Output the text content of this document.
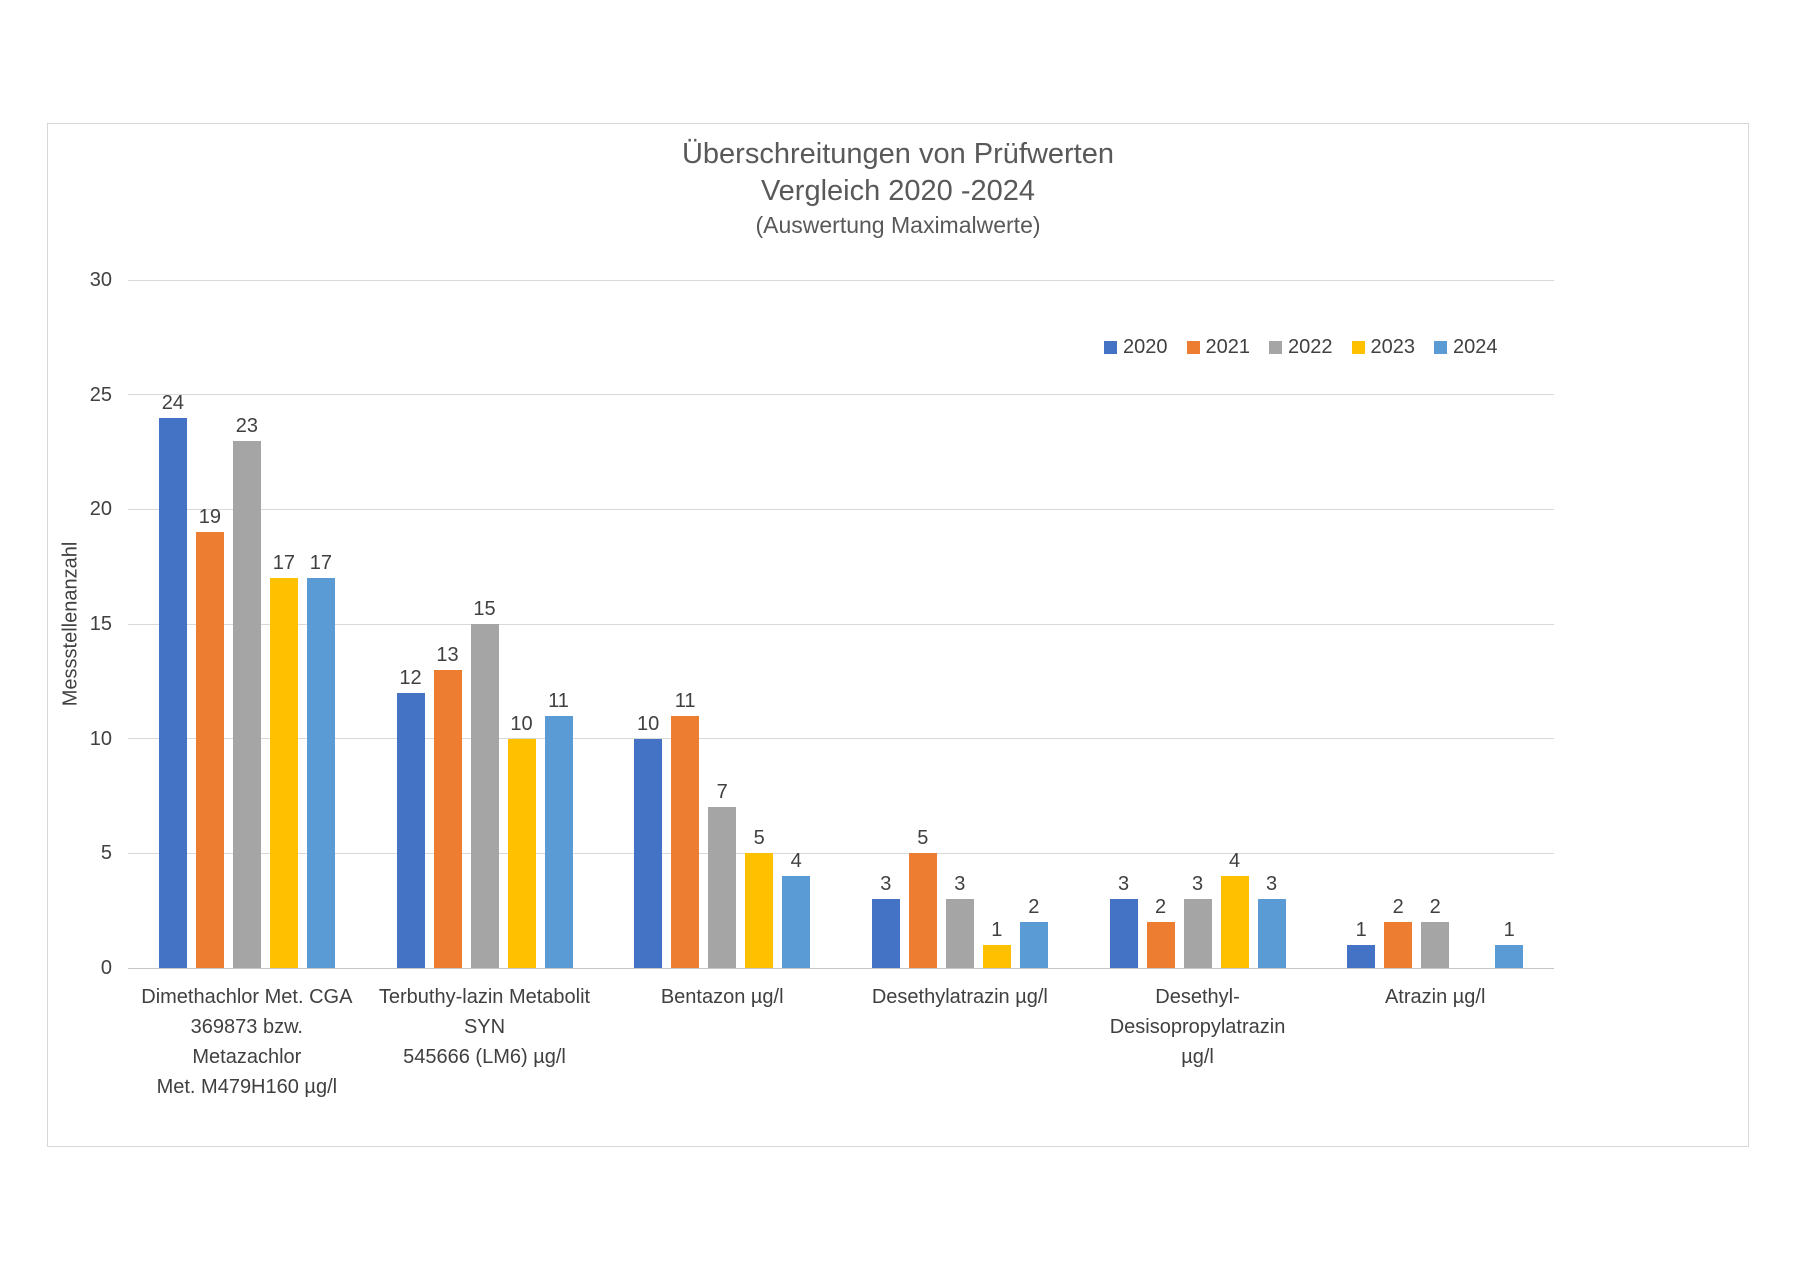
Überschreitungen von Prüfwerten
Vergleich 2020 -2024
(Auswertung Maximalwerte)
2020 2021 2022 2023 2024
Messstellenanzahl
24
19
23
17 17
12
13
15
10
11
10
11
7
5
4
3
5
3
1
2
3
2
3
4
3
1
2 2
1
0
5
10
15
20
25
30
Dimethachlor Met. CGA
369873 bzw. Metazachlor
Met. M479H160 µg/l
Terbuthy-lazin Metabolit SYN
545666 (LM6) µg/l
Bentazon µg/l	Desethylatrazin µg/l	Desethyl-Desisopropylatrazin
µg/l
Atrazin µg/l
